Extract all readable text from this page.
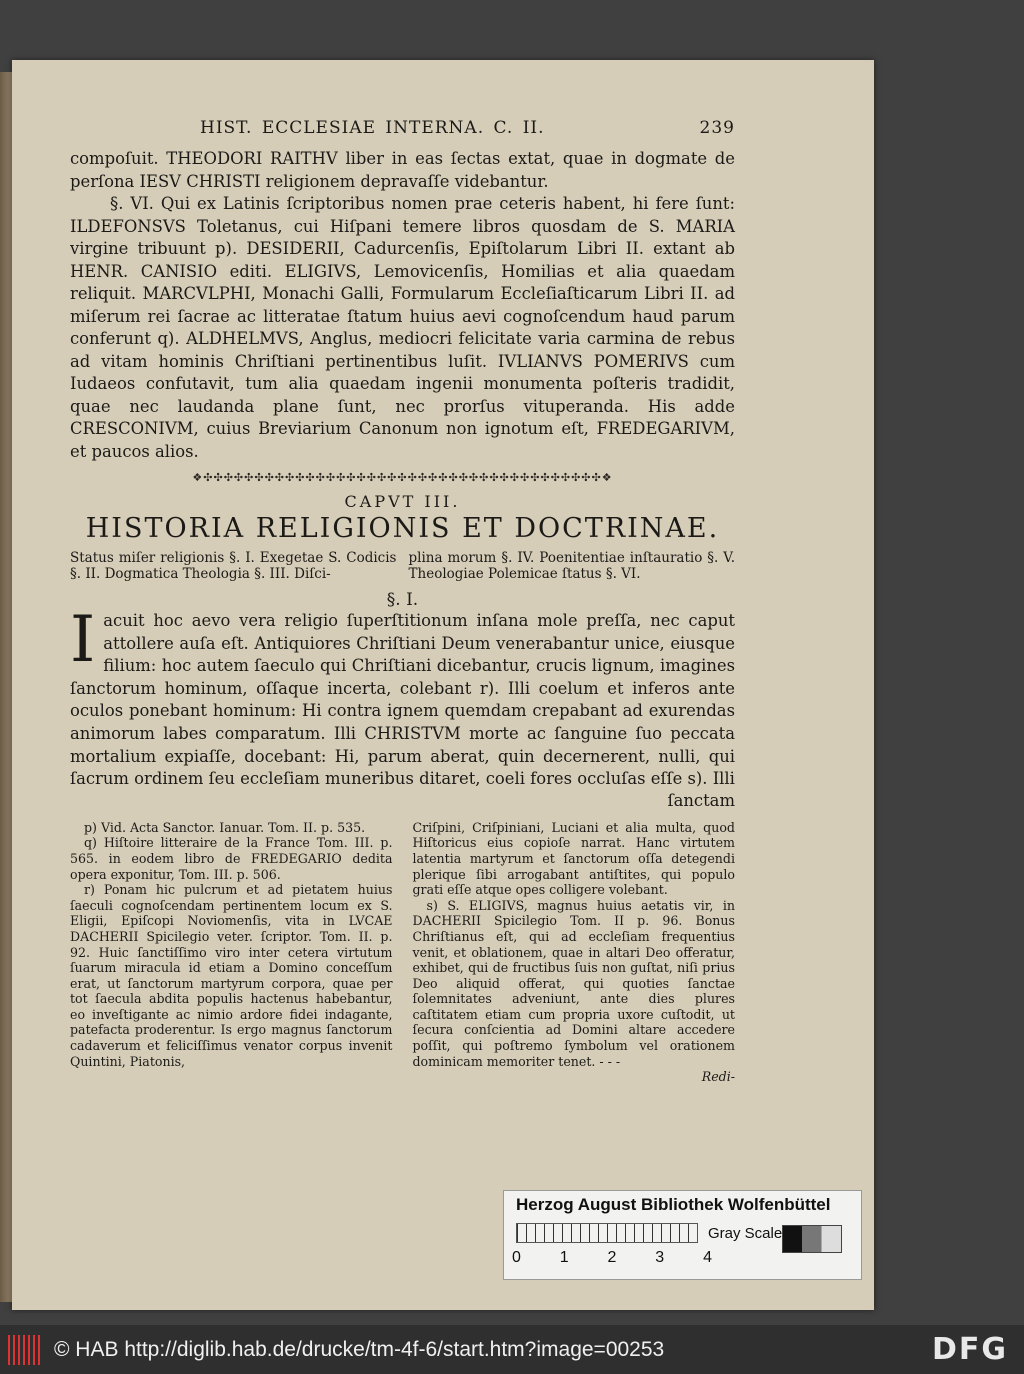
HIST. ECCLESIAE INTERNA. C. II.	239

compoſuit. THEODORI RAITHV liber in eas ſectas extat, quae in dogmate de perſona IESV CHRISTI religionem depravaſſe videbantur.

§. VI. Qui ex Latinis ſcriptoribus nomen prae ceteris habent, hi fere ſunt: ILDEFONSVS Toletanus, cui Hiſpani temere libros quosdam de S. MARIA virgine tribuunt p). DESIDERII, Cadurcenſis, Epiſtolarum Libri II. extant ab HENR. CANISIO editi. ELIGIVS, Lemovicenſis, Homilias et alia quaedam reliquit. MARCVLPHI, Monachi Galli, Formularum Eccleſiaſticarum Libri II. ad miſerum rei ſacrae ac litteratae ſtatum huius aevi cognoſcendum haud parum conferunt q). ALDHELMVS, Anglus, mediocri felicitate varia carmina de rebus ad vitam hominis Chriſtiani pertinentibus luſit. IVLIANVS POMERIVS cum Iudaeos confutavit, tum alia quaedam ingenii monumenta poſteris tradidit, quae nec laudanda plane ſunt, nec prorſus vituperanda. His adde CRESCONIVM, cuius Breviarium Canonum non ignotum eſt, FREDEGARIVM, et paucos alios.

❖✣✣✣✣✣✣✣✣✣✣✣✣✣✣✣✣✣✣✣✣✣✣✣✣✣✣✣✣✣✣✣✣✣✣✣✣✣✣✣❖
CAPVT III.
HISTORIA RELIGIONIS ET DOCTRINAE.
Status miſer religionis §. I. Exegetae S. Codicis §. II. Dogmatica Theologia §. III. Diſci-
plina morum §. IV. Poenitentiae inſtauratio §. V. Theologiae Polemicae ſtatus §. VI.
§. I.
I acuit hoc aevo vera religio ſuperſtitionum inſana mole preſſa, nec caput attollere auſa eſt. Antiquiores Chriſtiani Deum venerabantur unice, eiusque filium: hoc autem ſaeculo qui Chriſtiani dicebantur, crucis lignum, imagines ſanctorum hominum, oſſaque incerta, colebant r). Illi coelum et inferos ante oculos ponebant hominum: Hi contra ignem quemdam crepabant ad exurendas animorum labes comparatum. Illi CHRISTVM morte ac ſanguine ſuo peccata mortalium expiaſſe, docebant: Hi, parum aberat, quin decernerent, nulli, qui ſacrum ordinem ſeu eccleſiam muneribus ditaret, coeli fores occluſas eſſe s). Illi
ſanctam

p) Vid. Acta Sanctor. Ianuar. Tom. II. p. 535.

q) Hiſtoire litteraire de la France Tom. III. p. 565. in eodem libro de FREDEGARIO dedita opera exponitur, Tom. III. p. 506.

r) Ponam hic pulcrum et ad pietatem huius ſaeculi cognoſcendam pertinentem locum ex S. Eligii, Epiſcopi Noviomenſis, vita in LVCAE DACHERII Spicilegio veter. ſcriptor. Tom. II. p. 92. Huic ſanctiſſimo viro inter cetera virtutum ſuarum miracula id etiam a Domino conceſſum erat, ut ſanctorum martyrum corpora, quae per tot ſaecula abdita populis hactenus habebantur, eo inveſtigante ac nimio ardore fidei indagante, patefacta proderentur. Is ergo magnus ſanctorum cadaverum et feliciſſimus venator corpus invenit Quintini, Piatonis,

Criſpini, Criſpiniani, Luciani et alia multa, quod Hiſtoricus eius copioſe narrat. Hanc virtutem latentia martyrum et ſanctorum oſſa detegendi plerique ſibi arrogabant antiſtites, qui populo grati eſſe atque opes colligere volebant.

s) S. ELIGIVS, magnus huius aetatis vir, in DACHERII Spicilegio Tom. II p. 96. Bonus Chriſtianus eſt, qui ad eccleſiam frequentius venit, et oblationem, quae in altari Deo offeratur, exhibet, qui de fructibus ſuis non guſtat, niſi prius Deo aliquid offerat, qui quoties ſanctae ſolemnitates adveniunt, ante dies plures caſtitatem etiam cum propria uxore cuſtodit, ut ſecura conſcientia ad Domini altare accedere poſſit, qui poſtremo ſymbolum vel orationem dominicam memoriter tenet. - - -

Redi-
Herzog August Bibliothek Wolfenbüttel
0 1 2 3 4
Gray Scale
© HAB http://diglib.hab.de/drucke/tm-4f-6/start.htm?image=00253	DFG
